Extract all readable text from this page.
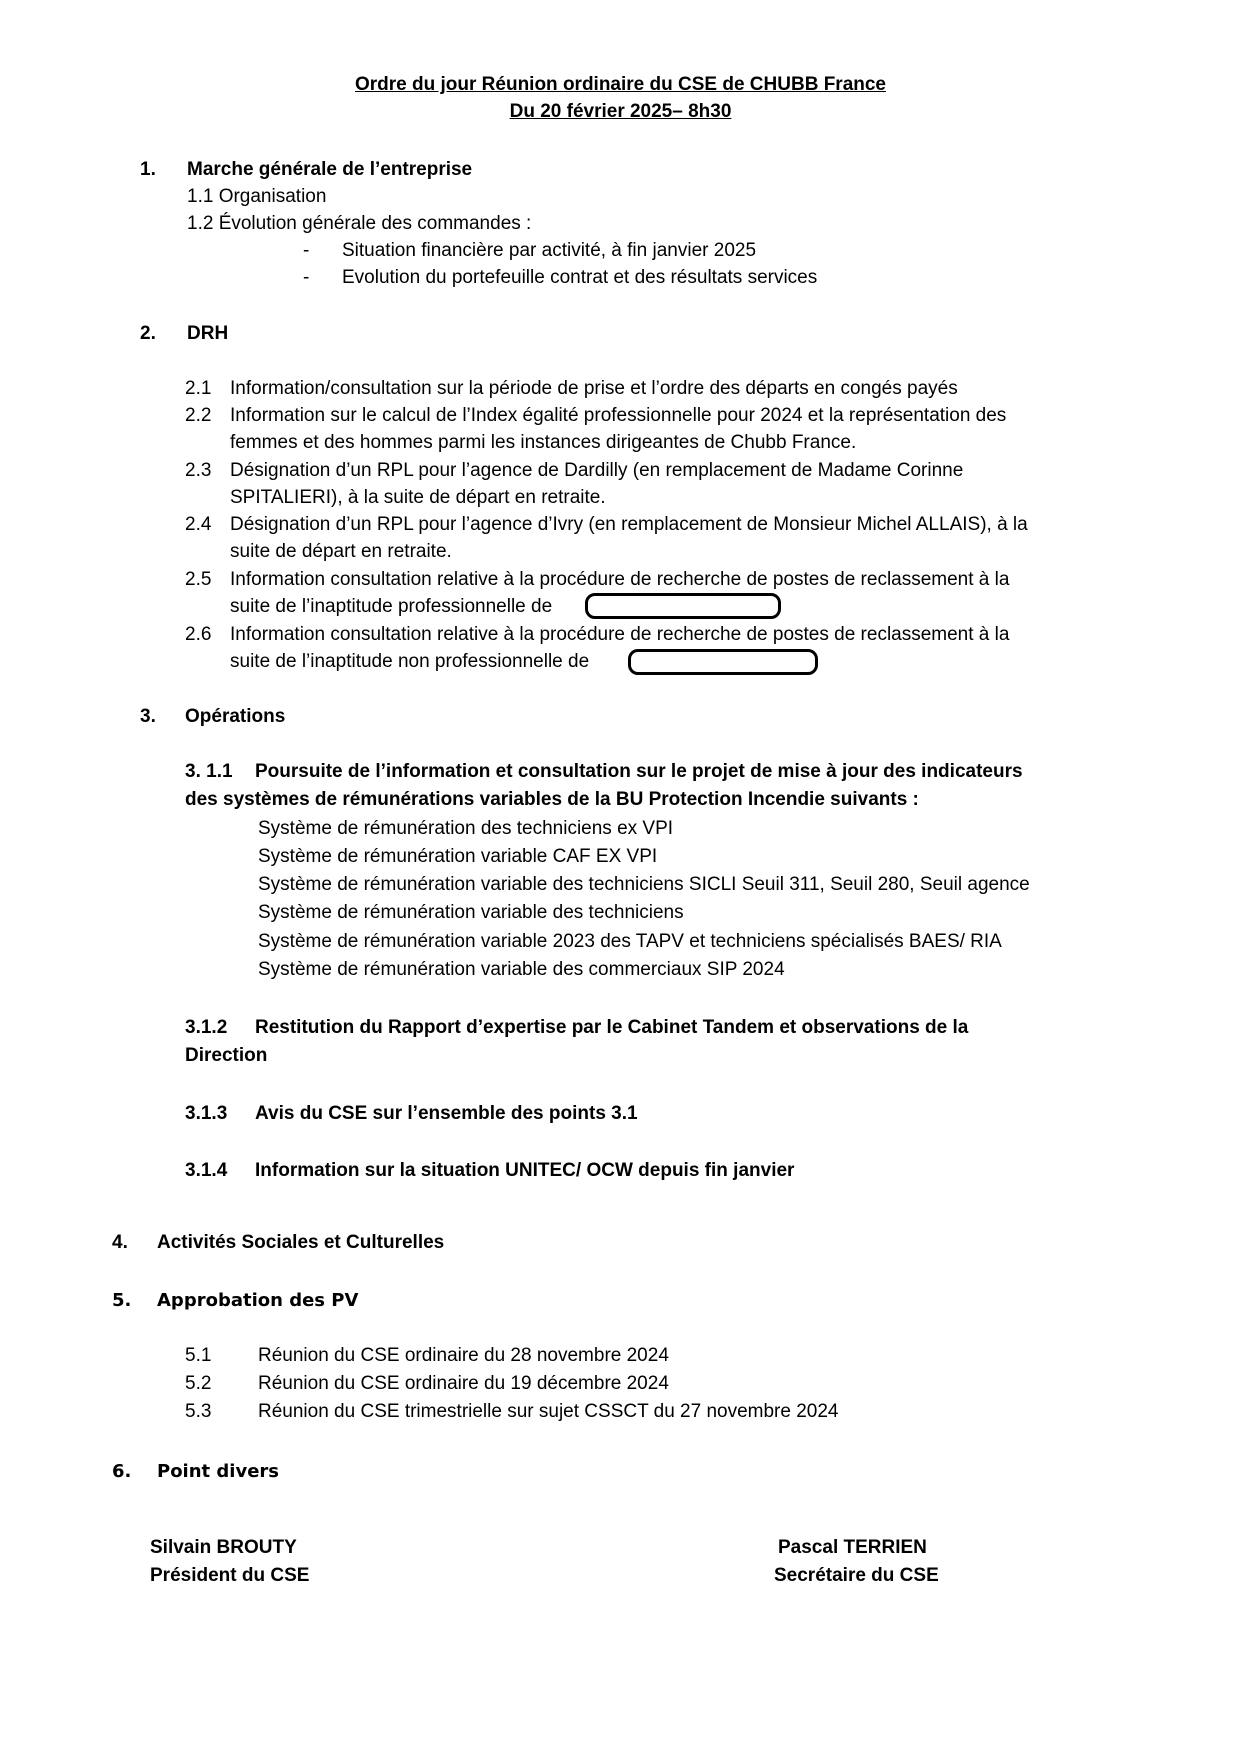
Ordre du jour Réunion ordinaire du CSE de CHUBB France
Du 20 février 2025– 8h30
1. Marche générale de l’entreprise
1.1 Organisation
1.2 Évolution générale des commandes :
- Situation financière par activité, à fin janvier 2025
- Evolution du portefeuille contrat et des résultats services
2. DRH
2.1 Information/consultation sur la période de prise et l’ordre des départs en congés payés
2.2 Information sur le calcul de l’Index égalité professionnelle pour 2024 et la représentation des
femmes et des hommes parmi les instances dirigeantes de Chubb France.
2.3 Désignation d’un RPL pour l’agence de Dardilly (en remplacement de Madame Corinne
SPITALIERI), à la suite de départ en retraite.
2.4 Désignation d’un RPL pour l’agence d’Ivry (en remplacement de Monsieur Michel ALLAIS), à la
suite de départ en retraite.
2.5 Information consultation relative à la procédure de recherche de postes de reclassement à la
suite de l’inaptitude professionnelle de
2.6 Information consultation relative à la procédure de recherche de postes de reclassement à la
suite de l’inaptitude non professionnelle de
3. Opérations
3. 1.1 Poursuite de l’information et consultation sur le projet de mise à jour des indicateurs
des systèmes de rémunérations variables de la BU Protection Incendie suivants :
Système de rémunération des techniciens ex VPI
Système de rémunération variable CAF EX VPI
Système de rémunération variable des techniciens SICLI Seuil 311, Seuil 280, Seuil agence
Système de rémunération variable des techniciens
Système de rémunération variable 2023 des TAPV et techniciens spécialisés BAES/ RIA
Système de rémunération variable des commerciaux SIP 2024
3.1.2 Restitution du Rapport d’expertise par le Cabinet Tandem et observations de la
Direction
3.1.3 Avis du CSE sur l’ensemble des points 3.1
3.1.4 Information sur la situation UNITEC/ OCW depuis fin janvier
4. Activités Sociales et Culturelles
5. Approbation des PV
5.1 Réunion du CSE ordinaire du 28 novembre 2024
5.2 Réunion du CSE ordinaire du 19 décembre 2024
5.3 Réunion du CSE trimestrielle sur sujet CSSCT du 27 novembre 2024
6. Point divers
Silvain BROUTY
Président du CSE
Pascal TERRIEN
Secrétaire du CSE
